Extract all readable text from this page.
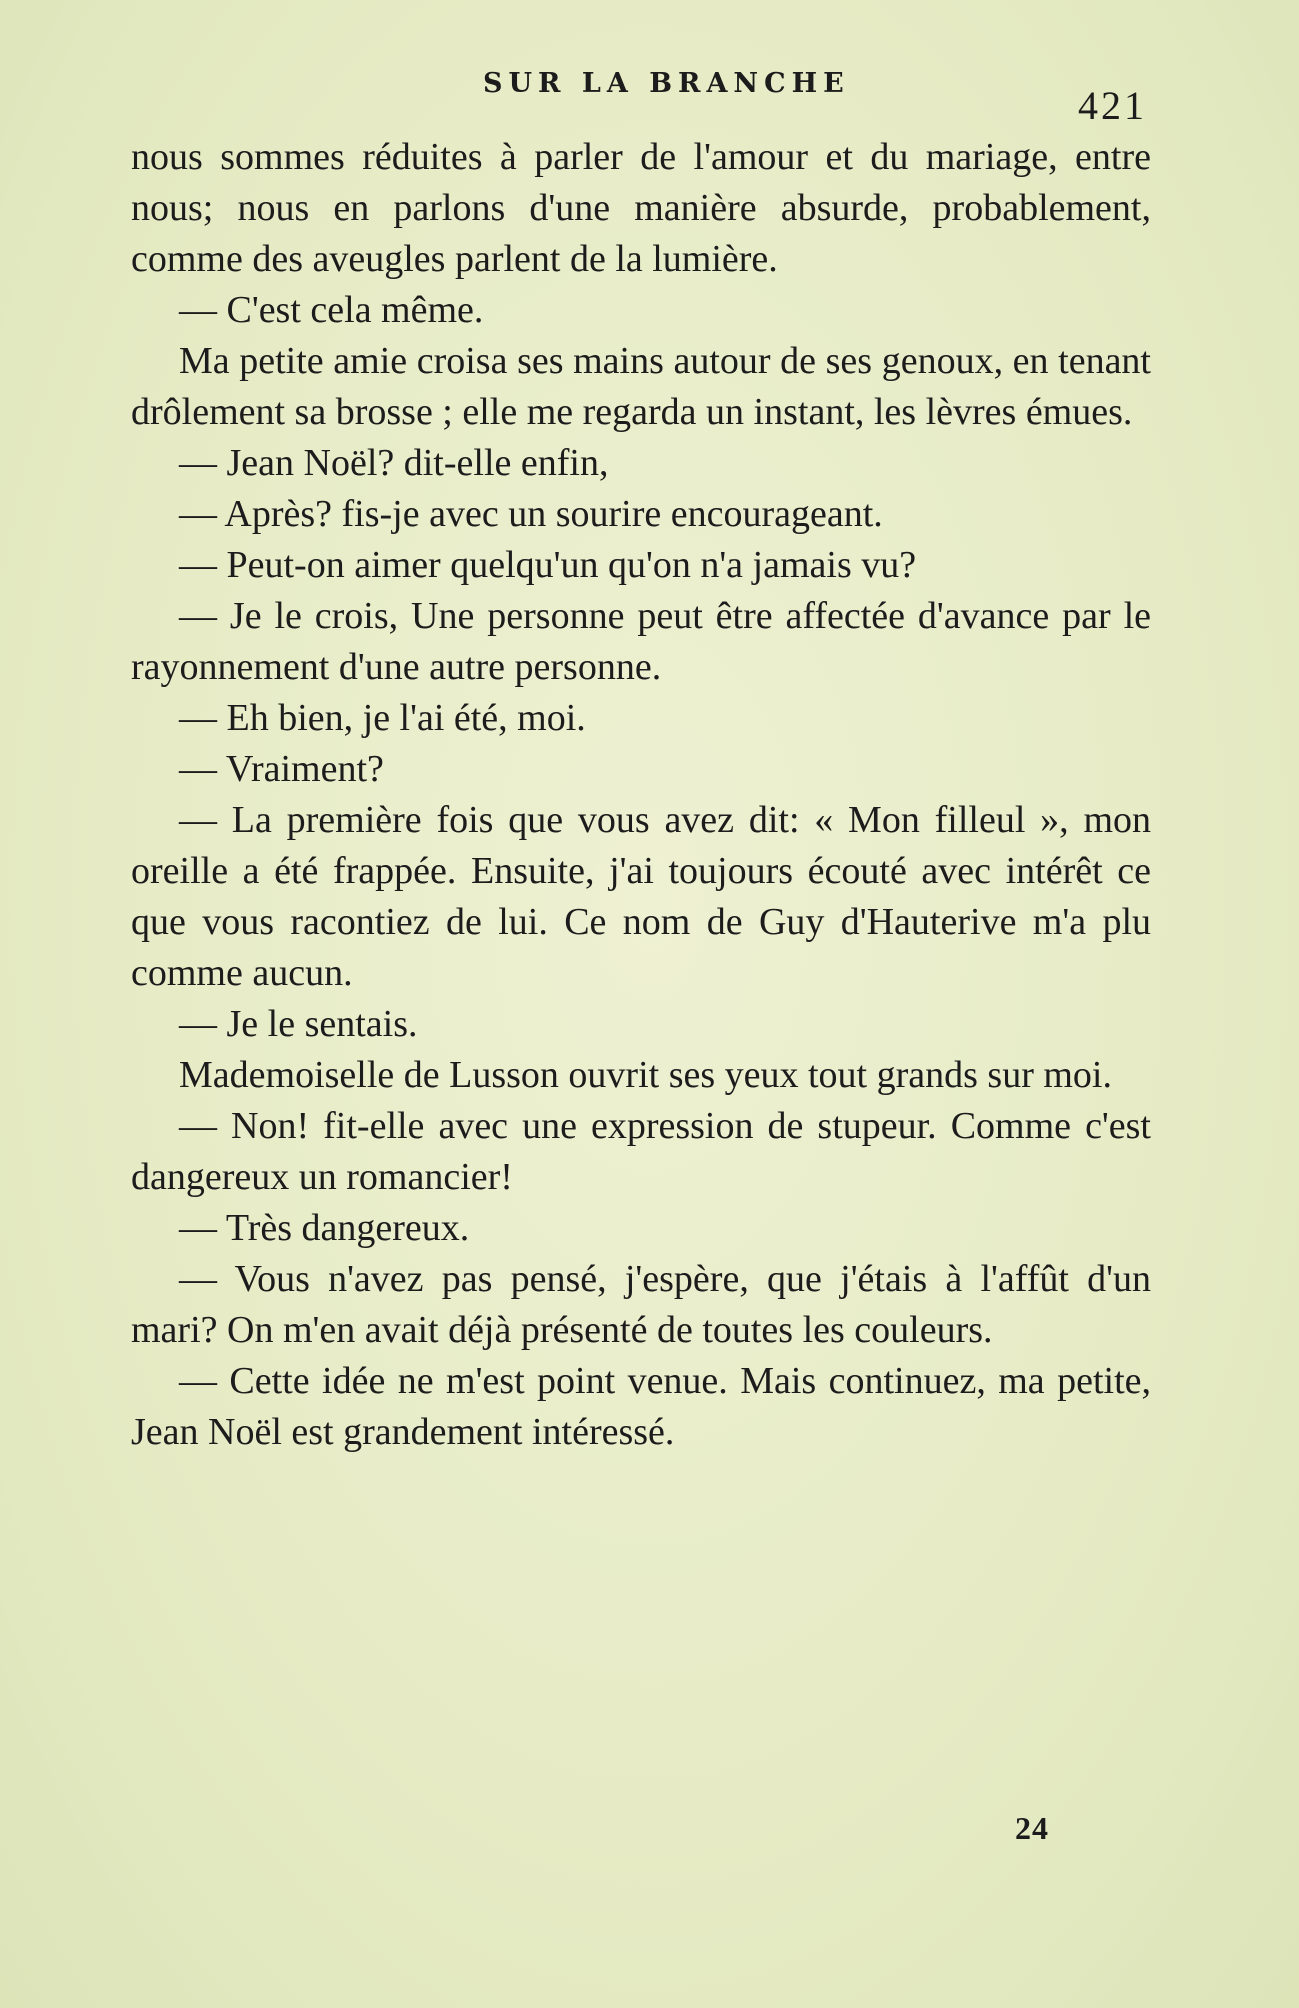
SUR LA BRANCHE	421

nous sommes réduites à parler de l'amour et du mariage, entre nous; nous en parlons d'une manière absurde, probablement, comme des aveugles parlent de la lumière.

— C'est cela même.

Ma petite amie croisa ses mains autour de ses genoux, en tenant drôlement sa brosse ; elle me regarda un instant, les lèvres émues.

— Jean Noël? dit-elle enfin,

— Après? fis-je avec un sourire encourageant.

— Peut-on aimer quelqu'un qu'on n'a jamais vu?

— Je le crois, Une personne peut être affectée d'avance par le rayonnement d'une autre personne.

— Eh bien, je l'ai été, moi.

— Vraiment?

— La première fois que vous avez dit: « Mon filleul », mon oreille a été frappée. Ensuite, j'ai toujours écouté avec intérêt ce que vous racontiez de lui. Ce nom de Guy d'Hauterive m'a plu comme aucun.

— Je le sentais.

Mademoiselle de Lusson ouvrit ses yeux tout grands sur moi.

— Non! fit-elle avec une expression de stupeur. Comme c'est dangereux un romancier!

— Très dangereux.

— Vous n'avez pas pensé, j'espère, que j'étais à l'affût d'un mari? On m'en avait déjà présenté de toutes les couleurs.

— Cette idée ne m'est point venue. Mais continuez, ma petite, Jean Noël est grandement intéressé.

24
